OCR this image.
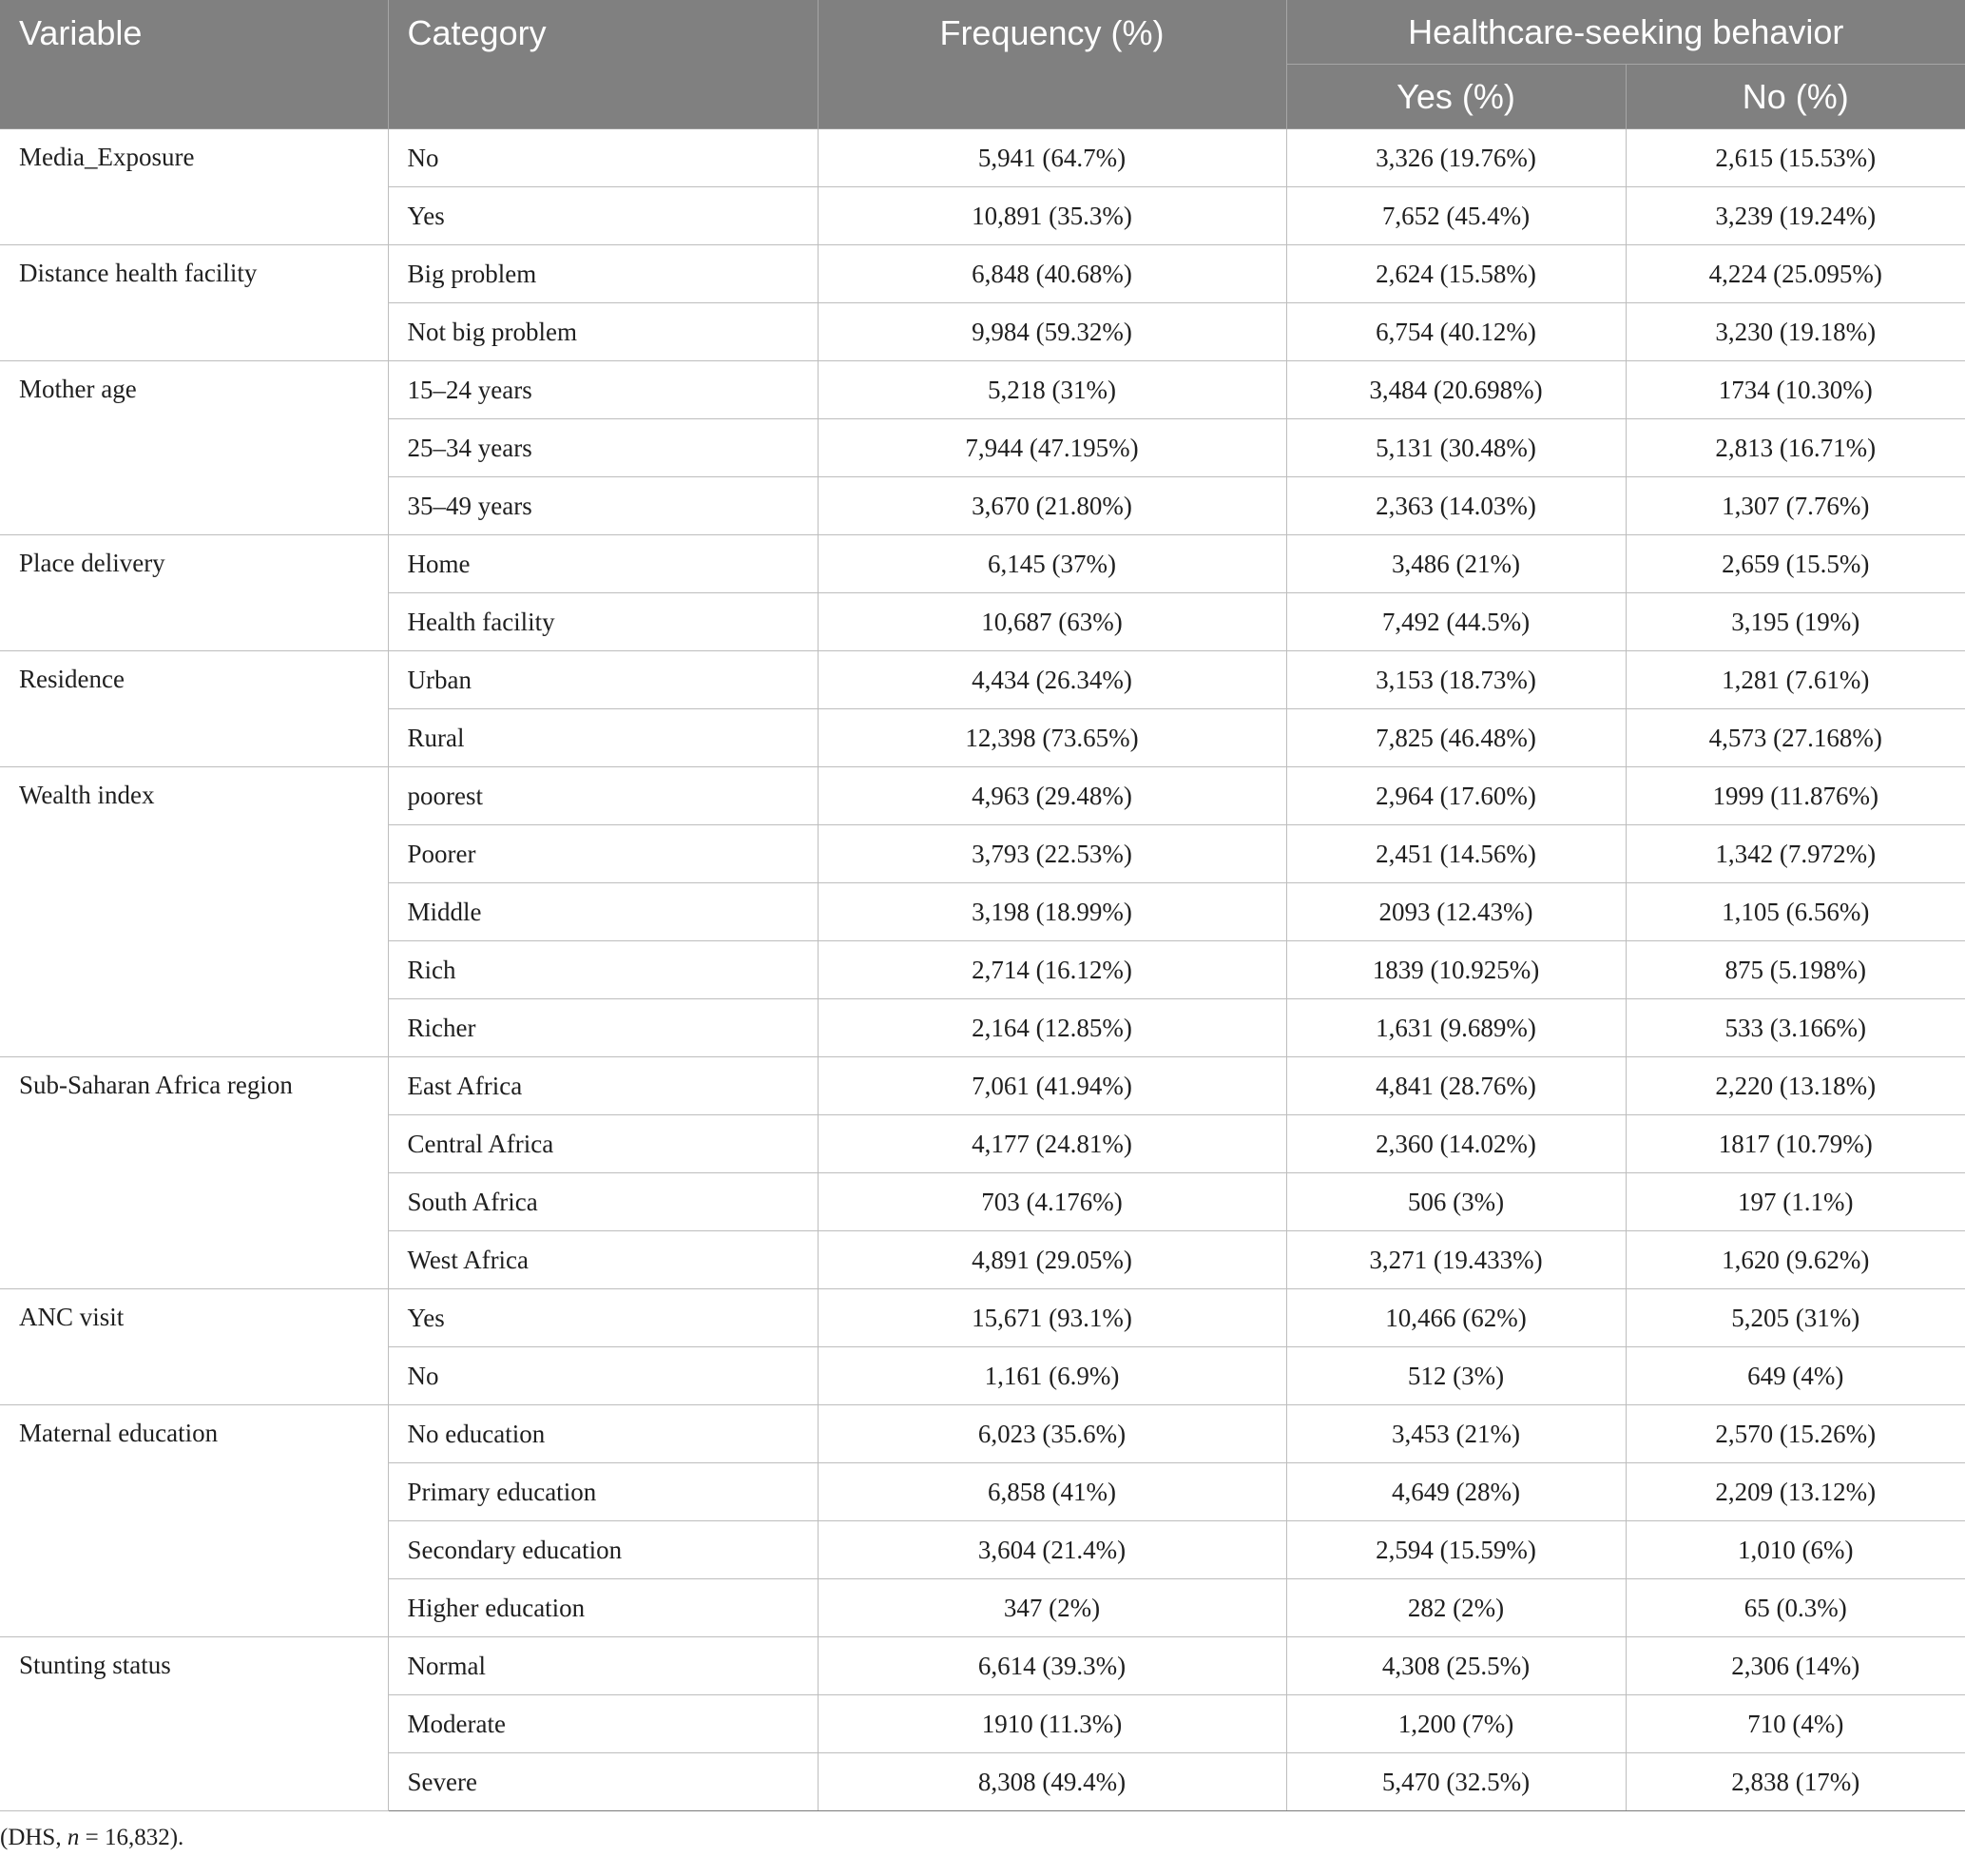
Variable	Category	Frequency (%)	Healthcare-seeking behavior	
			Yes (%)	No (%)
Media_Exposure	No	5,941 (64.7%)	3,326 (19.76%)	2,615 (15.53%)
	Yes	10,891 (35.3%)	7,652 (45.4%)	3,239 (19.24%)
Distance health facility	Big problem	6,848 (40.68%)	2,624 (15.58%)	4,224 (25.095%)
	Not big problem	9,984 (59.32%)	6,754 (40.12%)	3,230 (19.18%)
Mother age	15–24 years	5,218 (31%)	3,484 (20.698%)	1734 (10.30%)
	25–34 years	7,944 (47.195%)	5,131 (30.48%)	2,813 (16.71%)
	35–49 years	3,670 (21.80%)	2,363 (14.03%)	1,307 (7.76%)
Place delivery	Home	6,145 (37%)	3,486 (21%)	2,659 (15.5%)
	Health facility	10,687 (63%)	7,492 (44.5%)	3,195 (19%)
Residence	Urban	4,434 (26.34%)	3,153 (18.73%)	1,281 (7.61%)
	Rural	12,398 (73.65%)	7,825 (46.48%)	4,573 (27.168%)
Wealth index	poorest	4,963 (29.48%)	2,964 (17.60%)	1999 (11.876%)
	Poorer	3,793 (22.53%)	2,451 (14.56%)	1,342 (7.972%)
	Middle	3,198 (18.99%)	2093 (12.43%)	1,105 (6.56%)
	Rich	2,714 (16.12%)	1839 (10.925%)	875 (5.198%)
	Richer	2,164 (12.85%)	1,631 (9.689%)	533 (3.166%)
Sub-Saharan Africa region	East Africa	7,061 (41.94%)	4,841 (28.76%)	2,220 (13.18%)
	Central Africa	4,177 (24.81%)	2,360 (14.02%)	1817 (10.79%)
	South Africa	703 (4.176%)	506 (3%)	197 (1.1%)
	West Africa	4,891 (29.05%)	3,271 (19.433%)	1,620 (9.62%)
ANC visit	Yes	15,671 (93.1%)	10,466 (62%)	5,205 (31%)
	No	1,161 (6.9%)	512 (3%)	649 (4%)
Maternal education	No education	6,023 (35.6%)	3,453 (21%)	2,570 (15.26%)
	Primary education	6,858 (41%)	4,649 (28%)	2,209 (13.12%)
	Secondary education	3,604 (21.4%)	2,594 (15.59%)	1,010 (6%)
	Higher education	347 (2%)	282 (2%)	65 (0.3%)
Stunting status	Normal	6,614 (39.3%)	4,308 (25.5%)	2,306 (14%)
	Moderate	1910 (11.3%)	1,200 (7%)	710 (4%)
	Severe	8,308 (49.4%)	5,470 (32.5%)	2,838 (17%)
(DHS, n = 16,832).
